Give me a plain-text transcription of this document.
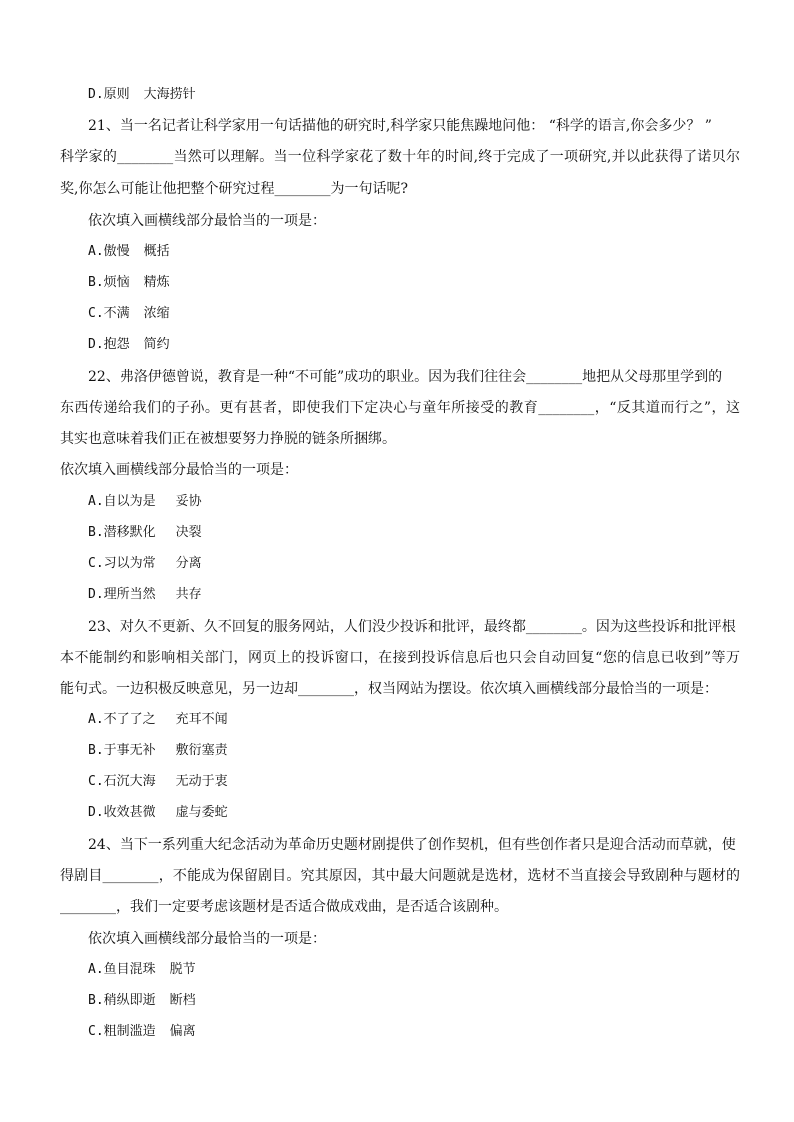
D.原则 大海捞针
21、当一名记者让科学家用一句话描他的研究时,科学家只能焦躁地问他： “科学的语言,你会多少？ ”
科学家的________当然可以理解。当一位科学家花了数十年的时间,终于完成了一项研究,并以此获得了诺贝尔
奖,你怎么可能让他把整个研究过程________为一句话呢?
依次填入画横线部分最恰当的一项是：
A.傲慢 概括
B.烦恼 精炼
C.不满 浓缩
D.抱怨 简约
22、弗洛伊德曾说，教育是一种“不可能”成功的职业。因为我们往往会________地把从父母那里学到的
东西传递给我们的子孙。更有甚者，即使我们下定决心与童年所接受的教育________，“反其道而行之”，这
其实也意味着我们正在被想要努力挣脱的链条所捆绑。
依次填入画横线部分最恰当的一项是：
A.自以为是 妥协
B.潜移默化 决裂
C.习以为常 分离
D.理所当然 共存
23、对久不更新、久不回复的服务网站，人们没少投诉和批评，最终都________。因为这些投诉和批评根
本不能制约和影响相关部门，网页上的投诉窗口，在接到投诉信息后也只会自动回复“您的信息已收到”等万
能句式。一边积极反映意见，另一边却________，权当网站为摆设。依次填入画横线部分最恰当的一项是：
A.不了了之 充耳不闻
B.于事无补 敷衍塞责
C.石沉大海 无动于衷
D.收效甚微 虚与委蛇
24、当下一系列重大纪念活动为革命历史题材剧提供了创作契机，但有些创作者只是迎合活动而草就，使
得剧目________，不能成为保留剧目。究其原因，其中最大问题就是选材，选材不当直接会导致剧种与题材的
________，我们一定要考虑该题材是否适合做成戏曲，是否适合该剧种。
依次填入画横线部分最恰当的一项是：
A.鱼目混珠 脱节
B.稍纵即逝 断档
C.粗制滥造 偏离
